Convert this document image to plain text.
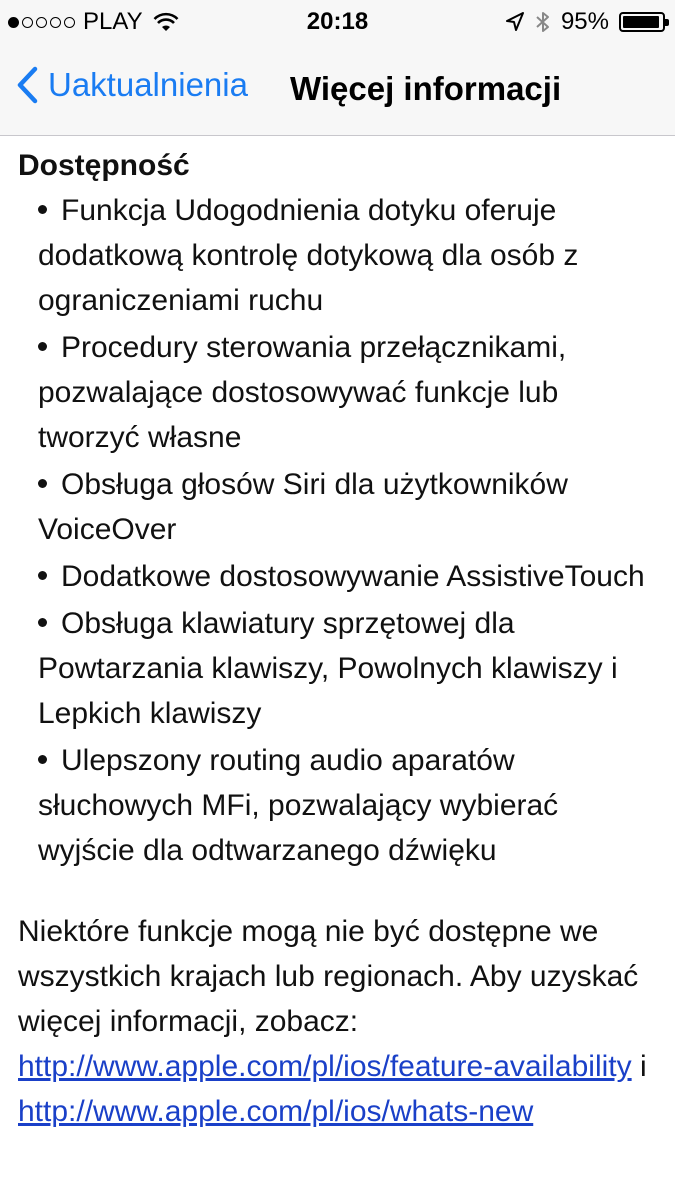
PLAY	20:18	95%
Uaktualnienia Więcej informacji
Dostępność
Funkcja Udogodnienia dotyku oferuje dodatkową kontrolę dotykową dla osób z ograniczeniami ruchu
Procedury sterowania przełącznikami, pozwalające dostosowywać funkcje lub tworzyć własne
Obsługa głosów Siri dla użytkowników VoiceOver
Dodatkowe dostosowywanie AssistiveTouch
Obsługa klawiatury sprzętowej dla Powtarzania klawiszy, Powolnych klawiszy i Lepkich klawiszy
Ulepszony routing audio aparatów słuchowych MFi, pozwalający wybierać wyjście dla odtwarzanego dźwięku
Niektóre funkcje mogą nie być dostępne we wszystkich krajach lub regionach. Aby uzyskać więcej informacji, zobacz: http://www.apple.com/pl/ios/feature-availability i http://www.apple.com/pl/ios/whats-new
